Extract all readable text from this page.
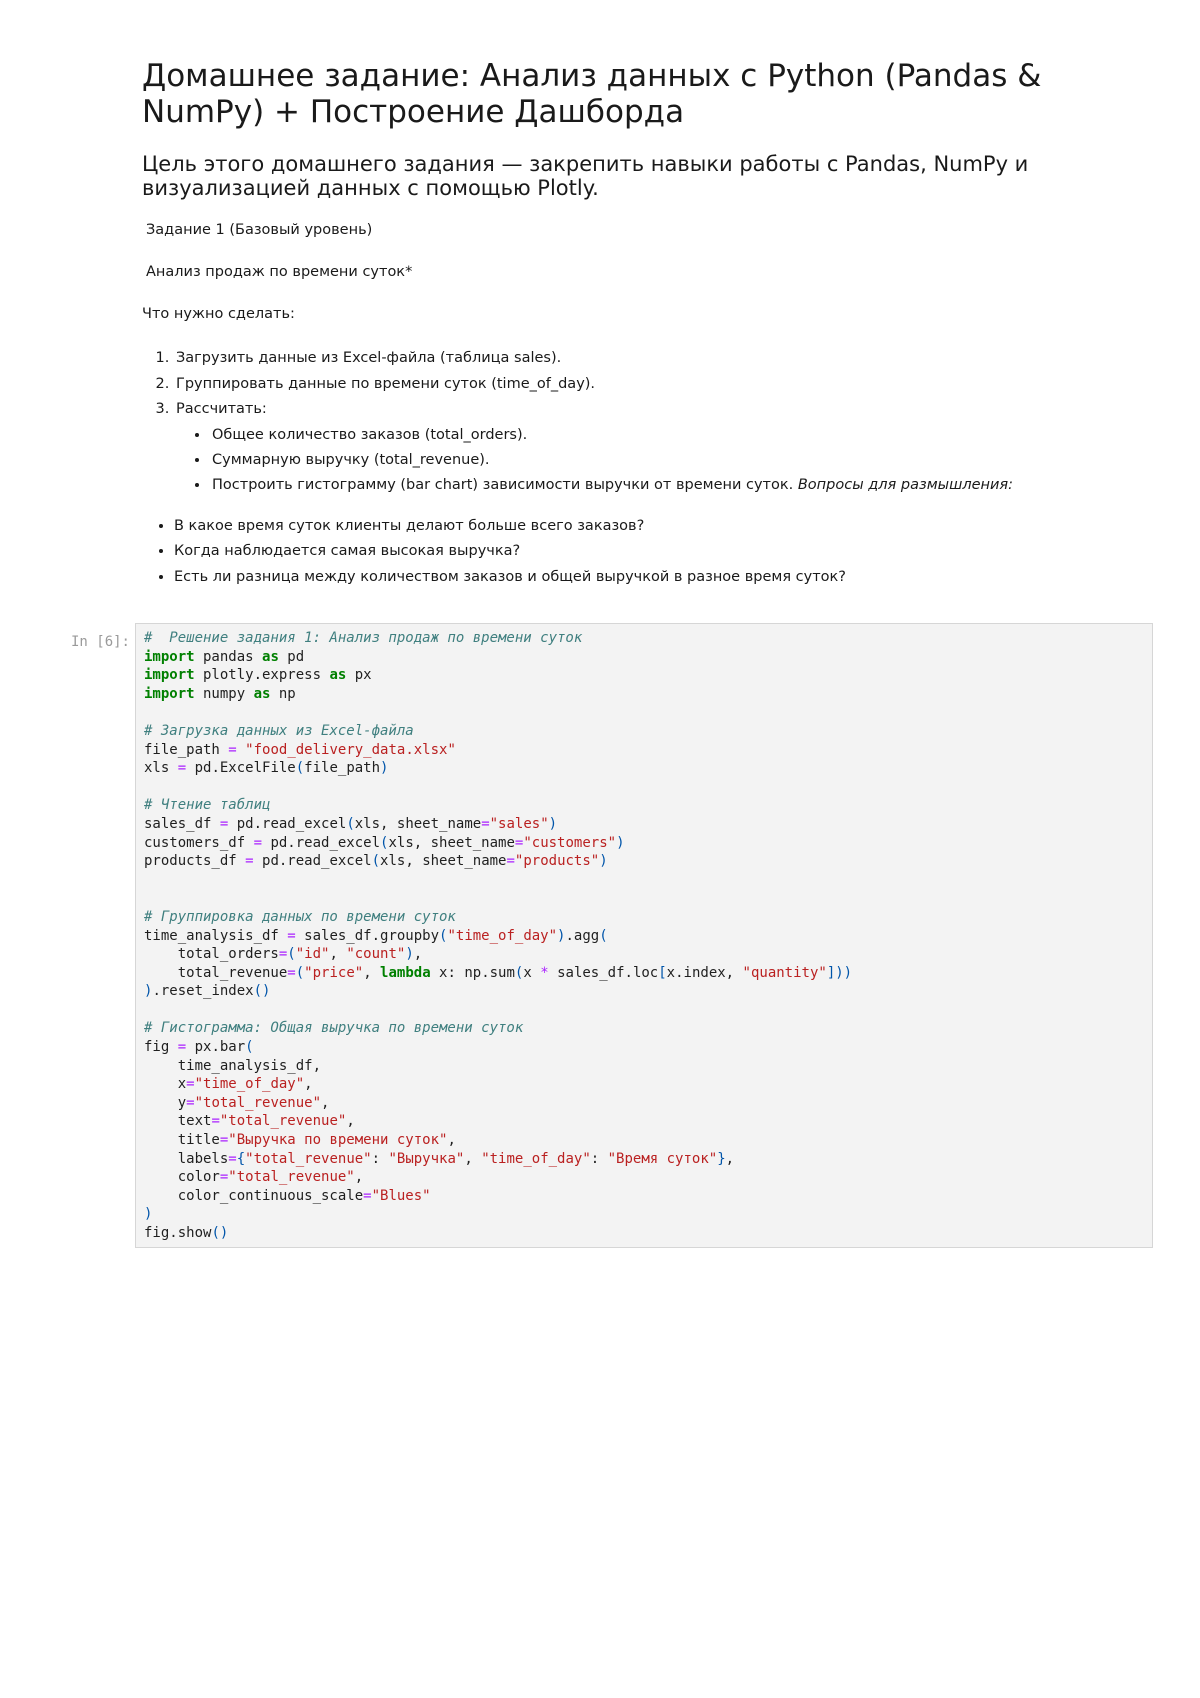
Домашнее задание: Анализ данных с Python (Pandas & NumPy) + Построение Дашборда
Цель этого домашнего задания — закрепить навыки работы с Pandas, NumPy и визуализацией данных с помощью Plotly.
Задание 1 (Базовый уровень)
Анализ продаж по времени суток*
Что нужно сделать:
1. Загрузить данные из Excel-файла (таблица sales).
2. Группировать данные по времени суток (time_of_day).
3. Рассчитать:
• Общее количество заказов (total_orders).
• Суммарную выручку (total_revenue).
• Построить гистограмму (bar chart) зависимости выручки от времени суток. Вопросы для размышления:
• В какое время суток клиенты делают больше всего заказов?
• Когда наблюдается самая высокая выручка?
• Есть ли разница между количеством заказов и общей выручкой в разное время суток?
In [6]: #  Решение задания 1: Анализ продаж по времени суток
import pandas as pd
import plotly.express as px
import numpy as np
# Загрузка данных из Excel-файла
file_path = "food_delivery_data.xlsx"
xls = pd.ExcelFile(file_path)
# Чтение таблиц
sales_df = pd.read_excel(xls, sheet_name="sales")
customers_df = pd.read_excel(xls, sheet_name="customers")
products_df = pd.read_excel(xls, sheet_name="products")
# Группировка данных по времени суток
time_analysis_df = sales_df.groupby("time_of_day").agg(
total_orders=("id", "count"),
total_revenue=("price", lambda x: np.sum(x * sales_df.loc[x.index, "quantity"]))
).reset_index()
# Гистограмма: Общая выручка по времени суток
fig = px.bar(
time_analysis_df,
x="time_of_day",
y="total_revenue",
text="total_revenue",
title="Выручка по времени суток",
labels={"total_revenue": "Выручка", "time_of_day": "Время суток"},
color="total_revenue",
color_continuous_scale="Blues"
)
fig.show()
